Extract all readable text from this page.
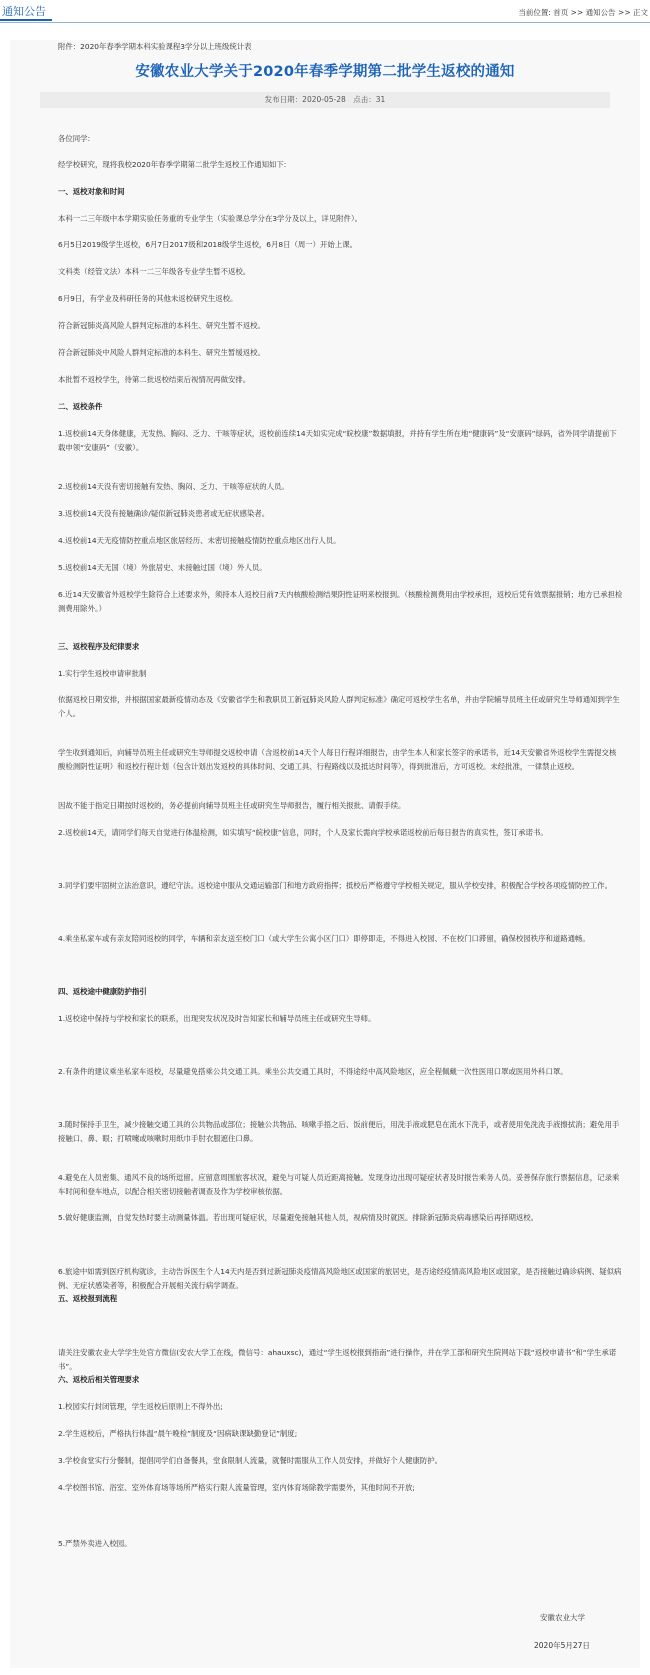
通知公告	当前位置: 首页 >> 通知公告 >> 正文
安徽农业大学关于2020年春季学期第二批学生返校的通知
发布日期：2020-05-28　点击：31

各位同学:

经学校研究，现将我校2020年春季学期第二批学生返校工作通知如下:

一、返校对象和时间

本科一二三年级中本学期实验任务重的专业学生（实验课总学分在3学分及以上，详见附件）。

6月5日2019级学生返校，6月7日2017级和2018级学生返校，6月8日（周一）开始上课。

文科类（经管文法）本科一二三年级各专业学生暂不返校。

6月9日，有学业及科研任务的其他未返校研究生返校。

符合新冠肺炎高风险人群判定标准的本科生、研究生暂不返校。

符合新冠肺炎中风险人群判定标准的本科生、研究生暂缓返校。

本批暂不返校学生，待第二批返校结束后视情况再做安排。

二、返校条件

1.返校前14天身体健康，无发热、胸闷、乏力、干咳等症状，返校前连续14天如实完成“皖校康”数据填报，并持有学生所在地“健康码”及“安康码”绿码，省外同学请提前下载申领“安康码”（安徽）。

2.返校前14天没有密切接触有发热、胸闷、乏力、干咳等症状的人员。

3.返校前14天没有接触确诊/疑似新冠肺炎患者或无症状感染者。

4.返校前14天无疫情防控重点地区旅居经历、未密切接触疫情防控重点地区出行人员。

5.返校前14天无国（境）外旅居史、未接触过国（境）外人员。

6.近14天安徽省外返校学生除符合上述要求外，须持本人返校日前7天内核酸检测结果阴性证明来校报到。（核酸检测费用由学校承担，返校后凭有效票据报销；地方已承担检测费用除外。）

三、返校程序及纪律要求

1.实行学生返校申请审批制

依据返校日期安排，并根据国家最新疫情动态及《安徽省学生和教职员工新冠肺炎风险人群判定标准》确定可返校学生名单，并由学院辅导员班主任或研究生导师通知到学生个人。

学生收到通知后，向辅导员班主任或研究生导师提交返校申请（含返校前14天个人每日行程详细报告，由学生本人和家长签字的承诺书，近14天安徽省外返校学生需提交核酸检测阴性证明）和返校行程计划（包含计划出发返校的具体时间、交通工具、行程路线以及抵达时间等），得到批准后，方可返校。未经批准，一律禁止返校。

因故不能于指定日期按时返校的，务必提前向辅导员班主任或研究生导师报告，履行相关报批、请假手续。

2.返校前14天，请同学们每天自觉进行体温检测，如实填写“皖校康”信息，同时，个人及家长需向学校承诺返校前后每日报告的真实性，签订承诺书。

3.同学们要牢固树立法治意识，遵纪守法。返校途中服从交通运输部门和地方政府指挥；抵校后严格遵守学校相关规定，服从学校安排，积极配合学校各项疫情防控工作。

4.乘坐私家车或有亲友陪同返校的同学，车辆和亲友送至校门口（或大学生公寓小区门口）即停即走，不得进入校园、不在校门口滞留，确保校园秩序和道路通畅。

四、返校途中健康防护指引

1.返校途中保持与学校和家长的联系，出现突发状况及时告知家长和辅导员班主任或研究生导师。

2.有条件的建议乘坐私家车返校，尽量避免搭乘公共交通工具。乘坐公共交通工具时，不得途经中高风险地区，应全程佩戴一次性医用口罩或医用外科口罩。

3.随时保持手卫生，减少接触交通工具的公共物品或部位；接触公共物品、咳嗽手捂之后、饭前便后，用洗手液或肥皂在流水下洗手，或者使用免洗洗手液擦拭消；避免用手接触口、鼻、眼；打喷嚏或咳嗽时用纸巾手肘衣服遮住口鼻。

4.避免在人员密集、通风不良的场所逗留。应留意周围旅客状况，避免与可疑人员近距离接触。发现身边出现可疑症状者及时报告乘务人员。妥善保存旅行票据信息，记录乘车时间和登车地点，以配合相关密切接触者调查及作为学校审核依据。

5.做好健康监测，自觉发热时要主动测量体温。若出现可疑症状，尽量避免接触其他人员，视病情及时就医。排除新冠肺炎病毒感染后再择期返校。

6.旅途中如需到医疗机构就诊，主动告诉医生个人14天内是否到过新冠肺炎疫情高风险地区或国家的旅居史，是否途经疫情高风险地区或国家，是否接触过确诊病例、疑似病例、无症状感染者等，积极配合开展相关流行病学调查。

五、返校报到流程

请关注安徽农业大学学生处官方微信(安农大学工在线，微信号：ahauxsc)，通过“学生返校报到指南”进行操作，并在学工部和研究生院网站下载“返校申请书”和“学生承诺书”。

六、返校后相关管理要求

1.校园实行封闭管理，学生返校后原则上不得外出;

2.学生返校后，严格执行体温“晨午晚检”制度及“因病缺课缺勤登记”制度;

3.学校食堂实行分餐制，提倡同学们自备餐具，堂食限制人流量，就餐时需服从工作人员安排，并做好个人健康防护。

4.学校图书馆、浴室、室外体育场等场所严格实行限人流量管理，室内体育场除教学需要外，其他时间不开放;

5.严禁外卖进入校园。

附件：2020年春季学期本科实验课程3学分以上班级统计表

安徽农业大学
2020年5月27日
